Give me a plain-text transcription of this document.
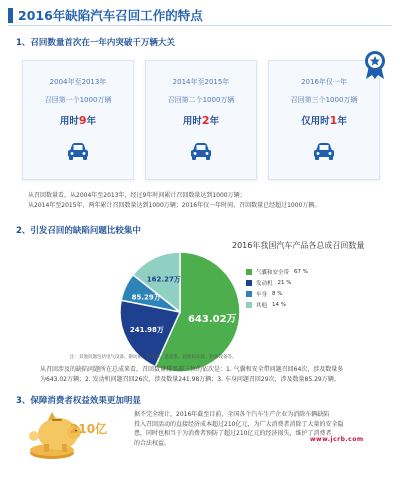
2016年缺陷汽车召回工作的特点
1、召回数量首次在一年内突破千万辆大关
2004年至2013年
召回第一个1000万辆
用时9年
2014年至2015年
召回第二个1000万辆
用时2年
2016年仅一年
召回第三个1000万辆
仅用时1年
从召回数量看，从2004年至2013年，经过9年时间累计召回数量达到1000万辆；
从2014年至2015年，两年累计召回数量达到1000万辆；2016年仅一年时间，召回数量已经超过1000万辆。
2、引发召回的缺陷问题比较集中
2016年我国汽车产品各总成召回数量
643.02万
241.98万
85.29万
162.27万
气囊和安全带 67 %
发动机 21 %
车身 8 %
其他 14 %
注：其他问题包括电气设备、制动系、传动系、悬架系、轮胎和车轮、附加设备等。
从召回涉及的缺陷问题所在总成来看，召回数量排名前三位的依次是：1. 气囊和安全带问题召回64次，涉及数量多
为643.02万辆；2. 发动机问题召回26次，涉及数量241.98万辆；3. 车身问题召回29次，涉及数量85.29万辆。
3、保障消费者权益效果更加明显
210亿
据不完全统计，2016年截至目前，全国各个汽车生产企业为消除车辆缺陷
投入召回活动的直接经济成本超过210亿元，为广大消费者消除了大量的安全隐
患，同时也相当于为消费者预防了超过210亿元的经济损失，维护了消费者
的合法权益。	www.jcrb.com
